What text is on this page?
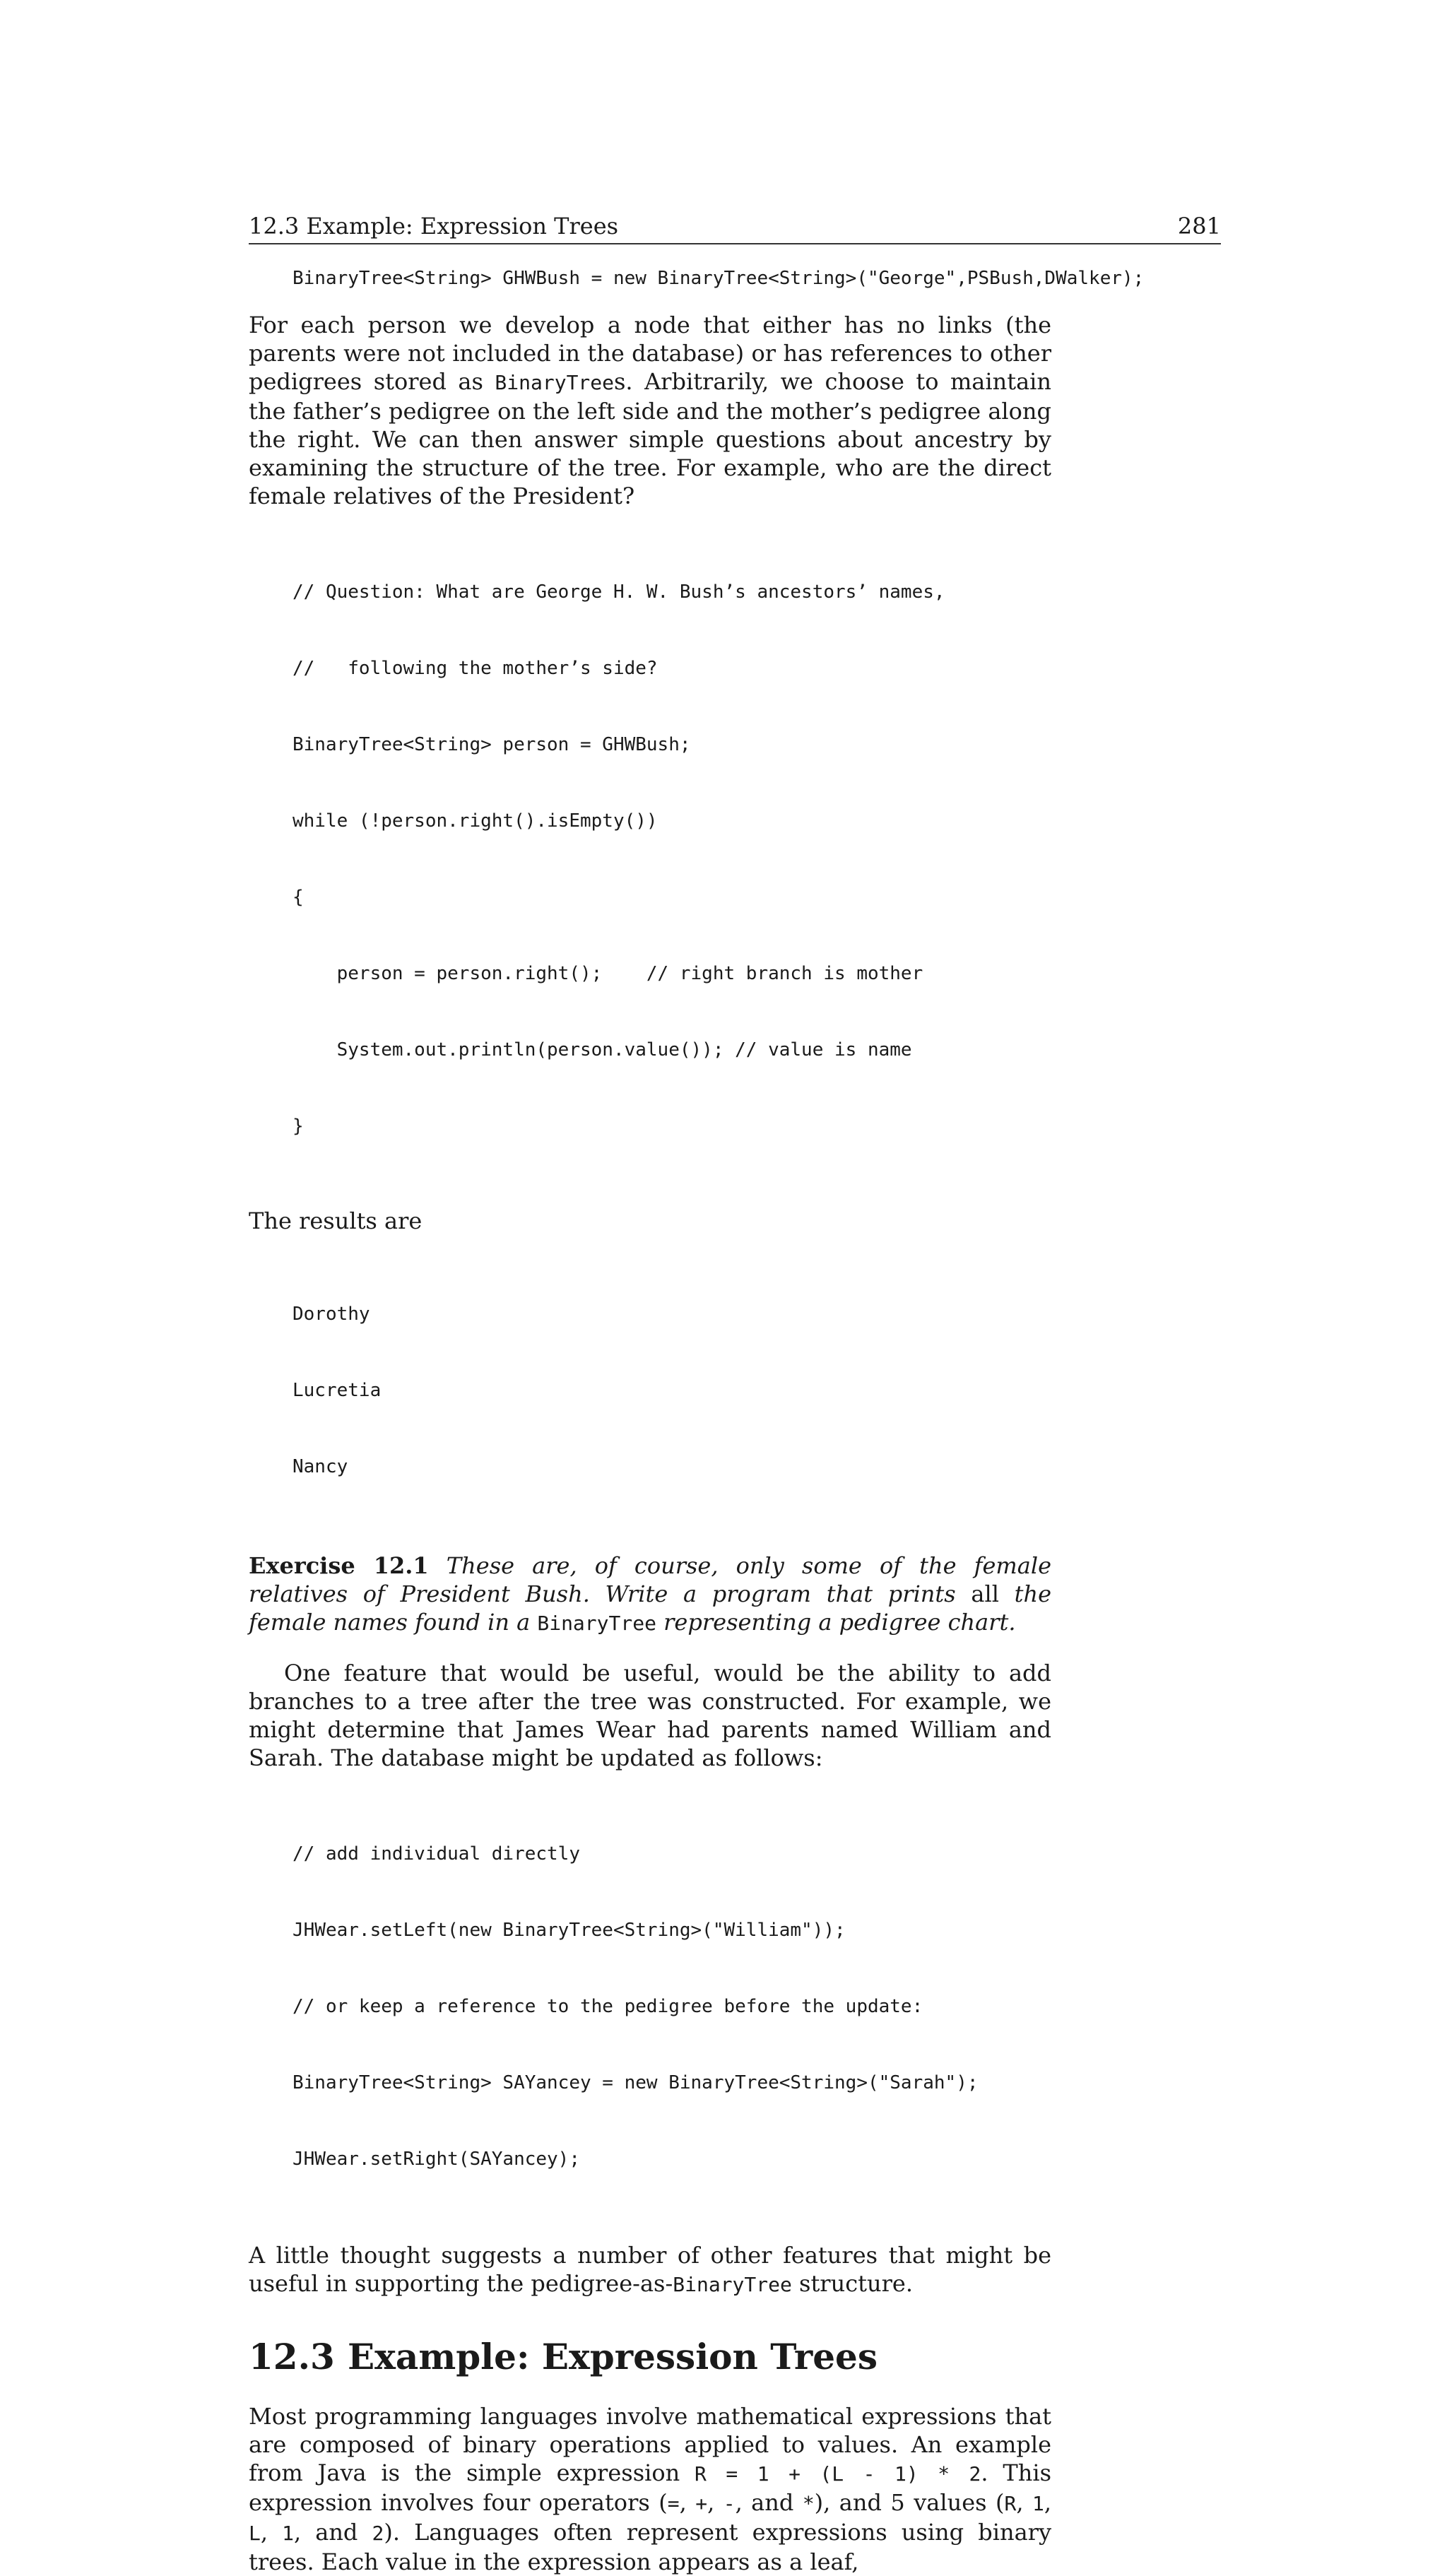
12.3 Example: Expression Trees	281
BinaryTree<String> GHWBush = new BinaryTree<String>("George",PSBush,DWalker);

For each person we develop a node that either has no links (the parents were not included in the database) or has references to other pedigrees stored as BinaryTrees. Arbitrarily, we choose to maintain the father’s pedigree on the left side and the mother’s pedigree along the right. We can then answer simple questions about ancestry by examining the structure of the tree. For example, who are the direct female relatives of the President?

// Question: What are George H. W. Bush’s ancestors’ names,

//   following the mother’s side?

BinaryTree<String> person = GHWBush;

while (!person.right().isEmpty())

{

person = person.right();    // right branch is mother

System.out.println(person.value()); // value is name

}

The results are

Dorothy

Lucretia

Nancy

Exercise 12.1 These are, of course, only some of the female relatives of President Bush. Write a program that prints all the female names found in a BinaryTree representing a pedigree chart.

One feature that would be useful, would be the ability to add branches to a tree after the tree was constructed. For example, we might determine that James Wear had parents named William and Sarah. The database might be updated as follows:

// add individual directly

JHWear.setLeft(new BinaryTree<String>("William"));

// or keep a reference to the pedigree before the update:

BinaryTree<String> SAYancey = new BinaryTree<String>("Sarah");

JHWear.setRight(SAYancey);

A little thought suggests a number of other features that might be useful in supporting the pedigree-as-BinaryTree structure.

12.3 Example: Expression Trees

Most programming languages involve mathematical expressions that are composed of binary operations applied to values. An example from Java is the simple expression R = 1 + (L - 1) * 2. This expression involves four operators (=, +, -, and *), and 5 values (R, 1, L, 1, and 2). Languages often represent expressions using binary trees. Each value in the expression appears as a leaf,
